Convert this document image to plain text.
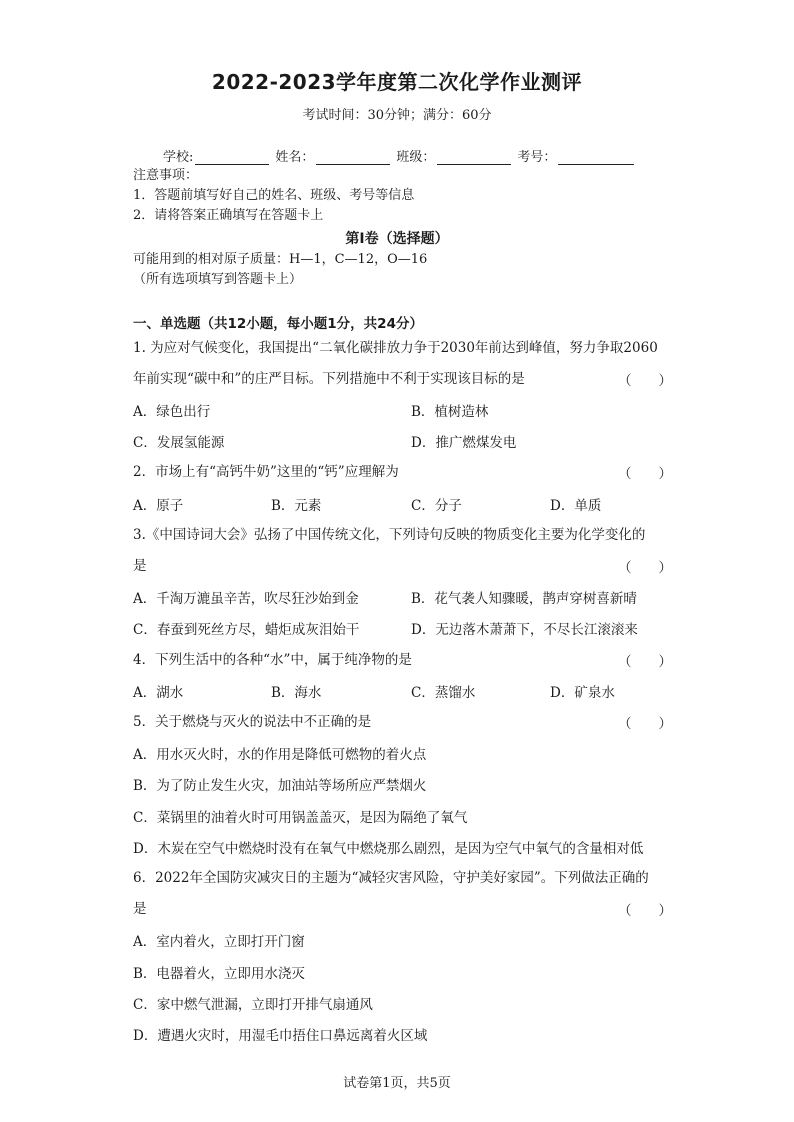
2022-2023学年度第二次化学作业测评
考试时间：30分钟；满分：60分
学校:	姓名：	班级：	考号：
注意事项：
1．答题前填写好自己的姓名、班级、考号等信息
2．请将答案正确填写在答题卡上
第I卷（选择题）
可能用到的相对原子质量：H—1，C—12，O—16
（所有选项填写到答题卡上）
一、单选题（共12小题，每小题1分，共24分）
1. 为应对气候变化，我国提出“二氧化碳排放力争于2030年前达到峰值，努力争取2060
年前实现“碳中和”的庄严目标。下列措施中不利于实现该目标的是	（　　）
A．绿色出行	B．植树造林
C．发展氢能源	D．推广燃煤发电
2．市场上有“高钙牛奶”这里的“钙”应理解为	（　　）
A．原子	B．元素	C．分子	D．单质
3.《中国诗词大会》弘扬了中国传统文化，下列诗句反映的物质变化主要为化学变化的
是	（　　）
A．千淘万漉虽辛苦，吹尽狂沙始到金	B．花气袭人知骤暖，鹊声穿树喜新晴
C．春蚕到死丝方尽，蜡炬成灰泪始干	D．无边落木萧萧下，不尽长江滚滚来
4．下列生活中的各种“水”中，属于纯净物的是	（　　）
A．湖水	B．海水	C．蒸馏水	D．矿泉水
5．关于燃烧与灭火的说法中不正确的是	（　　）
A．用水灭火时，水的作用是降低可燃物的着火点
B．为了防止发生火灾，加油站等场所应严禁烟火
C．菜锅里的油着火时可用锅盖盖灭，是因为隔绝了氧气
D．木炭在空气中燃烧时没有在氧气中燃烧那么剧烈，是因为空气中氧气的含量相对低
6．2022年全国防灾减灾日的主题为“减轻灾害风险，守护美好家园”。下列做法正确的
是	（　　）
A．室内着火，立即打开门窗
B．电器着火，立即用水浇灭
C．家中燃气泄漏，立即打开排气扇通风
D．遭遇火灾时，用湿毛巾捂住口鼻远离着火区域
试卷第1页，共5页
